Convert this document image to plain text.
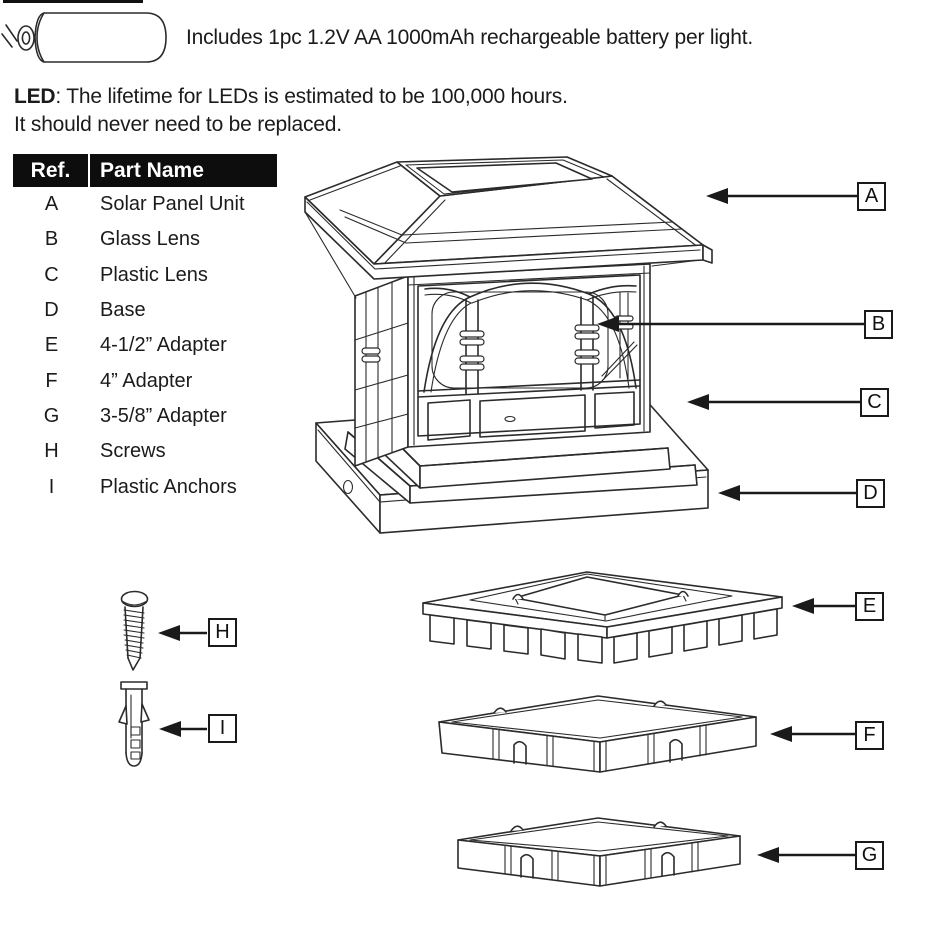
Includes 1pc 1.2V AA 1000mAh rechargeable battery per light.
LED: The lifetime for LEDs is estimated to be 100,000 hours.
It should never need to be replaced.
Ref.	Part Name
A	Solar Panel Unit
B	Glass Lens
C	Plastic Lens
D	Base
E	4-1/2” Adapter
F	4” Adapter
G	3-5/8” Adapter
H	Screws
I	Plastic Anchors
A
B
C
D
E
F
G
H
I
